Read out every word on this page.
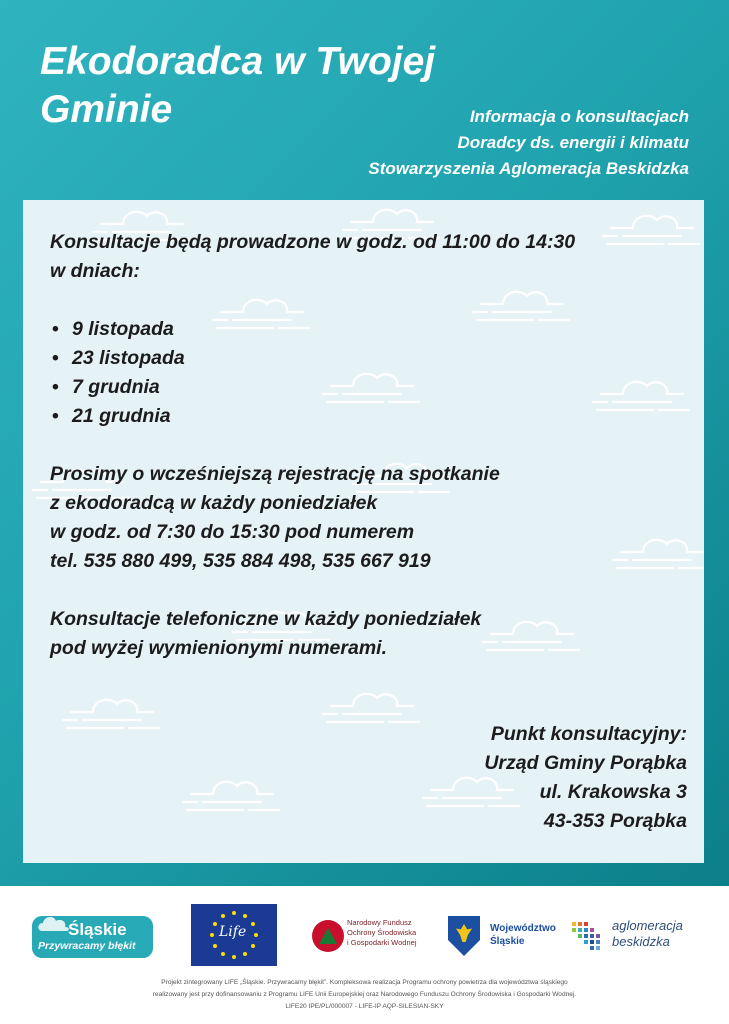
Ekodoradca w Twojej
Gminie	Informacja o konsultacjach
Doradcy ds. energii i klimatu
Stowarzyszenia Aglomeracja Beskidzka

Konsultacje będą prowadzone w godz. od 11:00 do 14:30

w dniach:

• 9 listopada
• 23 listopada
• 7 grudnia
• 21 grudnia

Prosimy o wcześniejszą rejestrację na spotkanie

z ekodoradcą w każdy poniedziałek

w godz. od 7:30 do 15:30 pod numerem

tel. 535 880 499, 535 884 498, 535 667 919

Konsultacje telefoniczne w każdy poniedziałek

pod wyżej wymienionymi numerami.

Punkt konsultacyjny:
Urząd Gminy Porąbka
ul. Krakowska 3
43-353 Porąbka
Śląskie
Przywracamy błękit
Life
Narodowy Fundusz
Ochrony Środowiska
i Gospodarki Wodnej
Województwo
Śląskie
aglomeracja
beskidzka
Projekt zintegrowany LIFE „Śląskie. Przywracamy błękit”. Kompleksowa realizacja Programu ochrony powietrza dla województwa śląskiego
realizowany jest przy dofinansowaniu z Programu LIFE Unii Europejskiej oraz Narodowego Funduszu Ochrony Środowiska i Gospodarki Wodnej.
LIFE20 IPE/PL/000007 - LIFE-IP AQP-SILESIAN-SKY
